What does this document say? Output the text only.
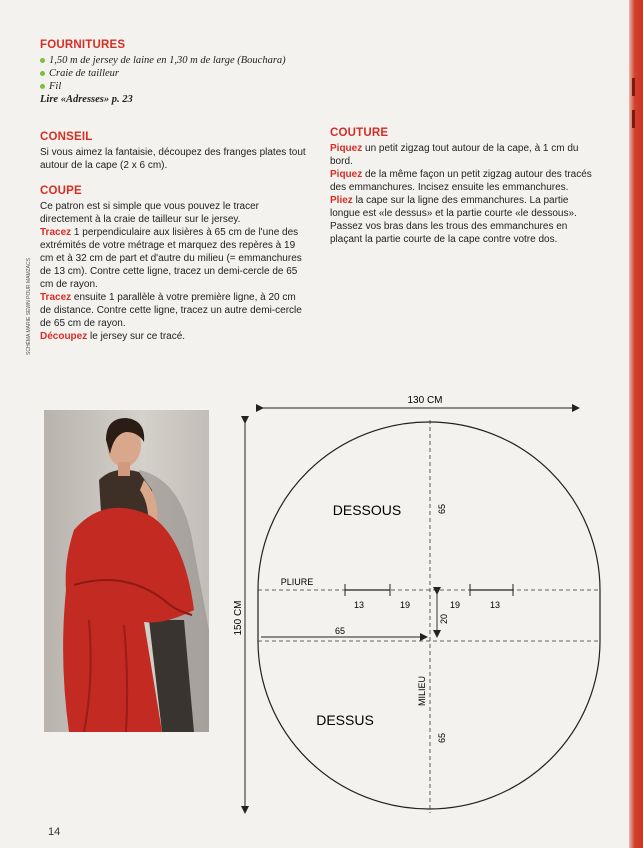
FOURNITURES
1,50 m de jersey de laine en 1,30 m de large (Bouchara)
Craie de tailleur
Fil
Lire «Adresses» p. 23
CONSEIL

Si vous aimez la fantaisie, découpez des franges plates tout autour de la cape (2 x 6 cm).

COUPE

Ce patron est si simple que vous pouvez le tracer directement à la craie de tailleur sur le jersey.

Tracez 1 perpendiculaire aux lisières à 65 cm de l'une des extrémités de votre métrage et marquez des repères à 19 cm et à 32 cm de part et d'autre du milieu (= emmanchures de 13 cm). Contre cette ligne, tracez un demi-cercle de 65 cm de rayon.

Tracez ensuite 1 parallèle à votre première ligne, à 20 cm de distance. Contre cette ligne, tracez un autre demi-cercle de 65 cm de rayon.

Découpez le jersey sur ce tracé.

COUTURE

Piquez un petit zigzag tout autour de la cape, à 1 cm du bord.

Piquez de la même façon un petit zigzag autour des tracés des emmanchures. Incisez ensuite les emmanchures.

Pliez la cape sur la ligne des emmanchures. La partie longue est «le dessus» et la partie courte «le dessous». Passez vos bras dans les trous des emmanchures en plaçant la partie courte de la cape contre votre dos.

SCHÉMA MARIE SEWN POUR MAMZACS
130 CM
150 CM
DESSOUS
DESSUS
PLIURE
MILIEU
65
65
65
20
13	19	19	13
14
